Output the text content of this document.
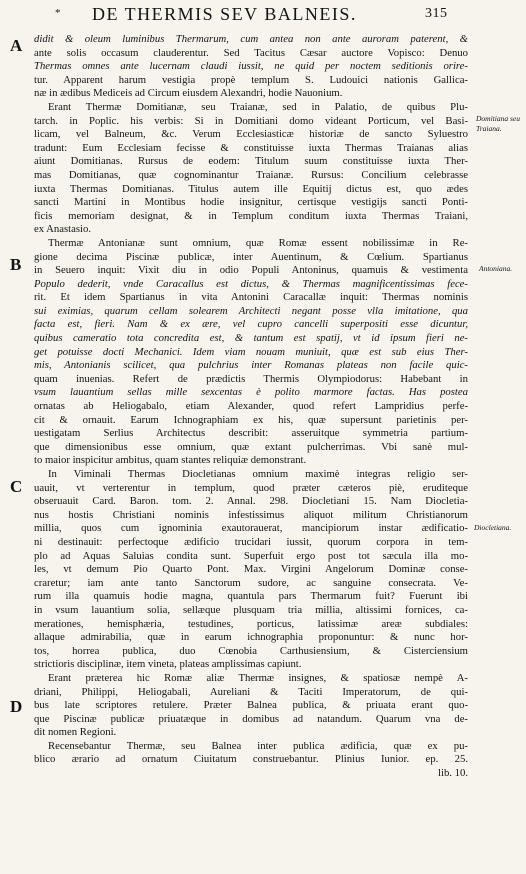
* DE THERMIS SEV BALNEIS.	315
A
B
C
D
Domitiana seu Traiana.
Antoniana.
Diocletiana.
didit & oleum luminibus Thermarum, cum antea non ante auroram paterent, &
ante solis occasum clauderentur. Sed Tacitus Cæsar auctore Vopisco: Denuo
Thermas omnes ante lucernam claudi iussit, ne quid per noctem seditionis orire-
tur. Apparent harum vestigia propè templum S. Ludouici nationis Gallica-
næ in ædibus Mediceis ad Circum eiusdem Alexandri, hodie Nauonium.
Erant Thermæ Domitianæ, seu Traianæ, sed in Palatio, de quibus Plu-
tarch. in Poplic. his verbis: Si in Domitiani domo videant Porticum, vel Basi-
licam, vel Balneum, &c. Verum Ecclesiasticæ historiæ de sancto Syluestro
tradunt: Eum Ecclesiam fecisse & constituisse iuxta Thermas Traianas alias
aiunt Domitianas. Rursus de eodem: Titulum suum constituisse iuxta Ther-
mas Domitianas, quæ cognominantur Traianæ. Rursus: Concilium celebrasse
iuxta Thermas Domitianas. Titulus autem ille Equitij dictus est, quo ædes
sancti Martini in Montibus hodie insignitur, certisque vestigijs sancti Ponti-
ficis memoriam designat, & in Templum conditum iuxta Thermas Traiani,
ex Anastasio.
Thermæ Antonianæ sunt omnium, quæ Romæ essent nobilissimæ in Re-
gione decima Piscinæ publicæ, inter Auentinum, & Cœlium. Spartianus
in Seuero inquit: Vixit diu in odio Populi Antoninus, quamuis & vestimenta
Populo dederit, vnde Caracallus est dictus, & Thermas magnificentissimas fece-
rit. Et idem Spartianus in vita Antonini Caracallæ inquit: Thermas nominis
sui eximias, quarum cellam solearem Architecti negant posse vlla imitatione, qua
facta est, fieri. Nam & ex ære, vel cupro cancelli superpositi esse dicuntur,
quibus cameratio tota concredita est, & tantum est spatij, vt id ipsum fieri ne-
get potuisse docti Mechanici. Idem viam nouam muniuit, quæ est sub eius Ther-
mis, Antonianis scilicet, qua pulchrius inter Romanas plateas non facile quic-
quam inuenias. Refert de prædictis Thermis Olympiodorus: Habebant in
vsum lauantium sellas mille sexcentas è polito marmore factas. Has postea
ornatas ab Heliogabalo, etiam Alexander, quod refert Lampridius perfe-
cit & ornauit. Earum Ichnographiam ex his, quæ supersunt parietinis per-
uestigatam Serlius Architectus describit: asseruitque symmetria partium-
que dimensionibus esse omnium, quæ extant pulcherrimas. Vbi sanè mul-
to maior inspicitur ambitus, quam stantes reliquiæ demonstrant.
In Viminali Thermas Diocletianas omnium maximè integras religio ser-
uauit, vt verterentur in templum, quod præter cæteros piè, eruditeque
obseruauit Card. Baron. tom. 2. Annal. 298. Diocletiani 15. Nam Diocletia-
nus hostis Christiani nominis infestissimus aliquot militum Christianorum
millia, quos cum ignominia exautorauerat, mancipiorum instar ædificatio-
ni destinauit: perfectoque ædificio trucidari iussit, quorum corpora in tem-
plo ad Aquas Saluias condita sunt. Superfuit ergo post tot sæcula illa mo-
les, vt demum Pio Quarto Pont. Max. Virgini Angelorum Dominæ conse-
craretur; iam ante tanto Sanctorum sudore, ac sanguine consecrata. Ve-
rum illa quamuis hodie magna, quantula pars Thermarum fuit? Fuerunt ibi
in vsum lauantium solia, sellæque plusquam tria millia, altissimi fornices, ca-
merationes, hemisphæria, testudines, porticus, latissimæ areæ subdiales:
allaque admirabilia, quæ in earum ichnographia proponuntur: & nunc hor-
tos, horrea publica, duo Cœnobia Carthusiensium, & Cisterciensium
strictioris disciplinæ, item vineta, plateas amplissimas capiunt.
Erant præterea hic Romæ aliæ Thermæ insignes, & spatiosæ nempè A-
driani, Philippi, Heliogabali, Aureliani & Taciti Imperatorum, de qui-
bus late scriptores retulere. Præter Balnea publica, & priuata erant quo-
que Piscinæ publicæ priuatæque in domibus ad natandum. Quarum vna de-
dit nomen Regioni.
Recensebantur Thermæ, seu Balnea inter publica ædificia, quæ ex pu-
blico ærario ad ornatum Ciuitatum construebantur. Plinius Iunior. ep. 25.
lib. 10.
